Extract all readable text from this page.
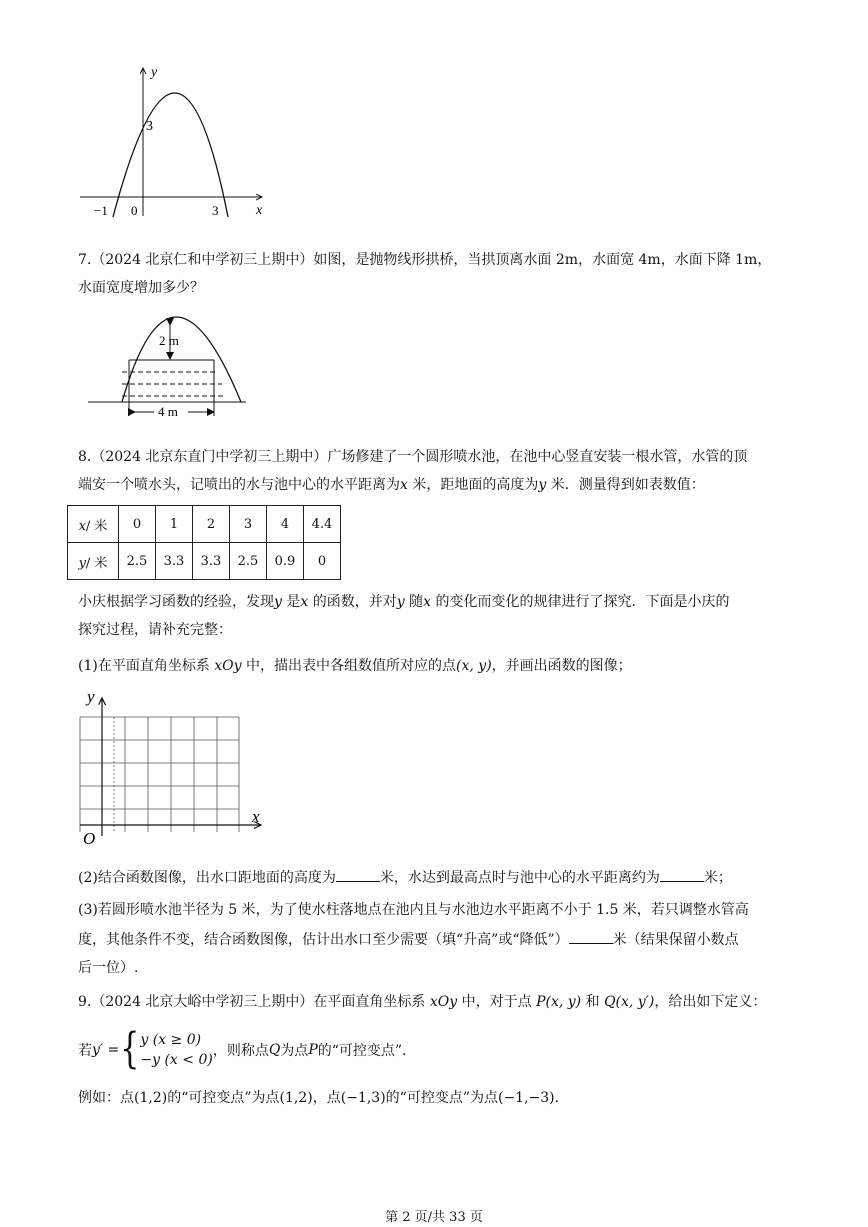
y
x
3
−1 0	3
7.（2024 北京仁和中学初三上期中）如图，是抛物线形拱桥，当拱顶离水面 2m，水面宽 4m，水面下降 1m，
水面宽度增加多少？
2 m
4 m
8.（2024 北京东直门中学初三上期中）广场修建了一个圆形喷水池，在池中心竖直安装一根水管，水管的顶
端安一个喷水头，记喷出的水与池中心的水平距离为x 米，距地面的高度为y 米．测量得到如表数值：
x/ 米	0	1	2	3	4	4.4
y/ 米	2.5	3.3	3.3	2.5	0.9	0
小庆根据学习函数的经验，发现y 是x 的函数，并对y 随x 的变化而变化的规律进行了探究．下面是小庆的
探究过程，请补充完整：
(1)在平面直角坐标系 xOy 中，描出表中各组数值所对应的点(x, y)，并画出函数的图像；
y
x
O
(2)结合函数图像，出水口距地面的高度为	米，水达到最高点时与池中心的水平距离约为	米；
(3)若圆形喷水池半径为 5 米，为了使水柱落地点在池内且与水池边水平距离不小于 1.5 米，若只调整水管高
度，其他条件不变，结合函数图像，估计出水口至少需要（填“升高”或“降低”）	米（结果保留小数点
后一位）.
9.（2024 北京大峪中学初三上期中）在平面直角坐标系 xOy 中，对于点 P(x, y) 和 Q(x, y′)，给出如下定义：
若 y′ = { y (x ≥ 0)
−y (x < 0)
，则称点 Q 为点 P 的“可控变点”.
例如：点(1,2)的“可控变点”为点(1,2)，点(−1,3)的“可控变点”为点(−1,−3).
第 2 页/共 33 页
